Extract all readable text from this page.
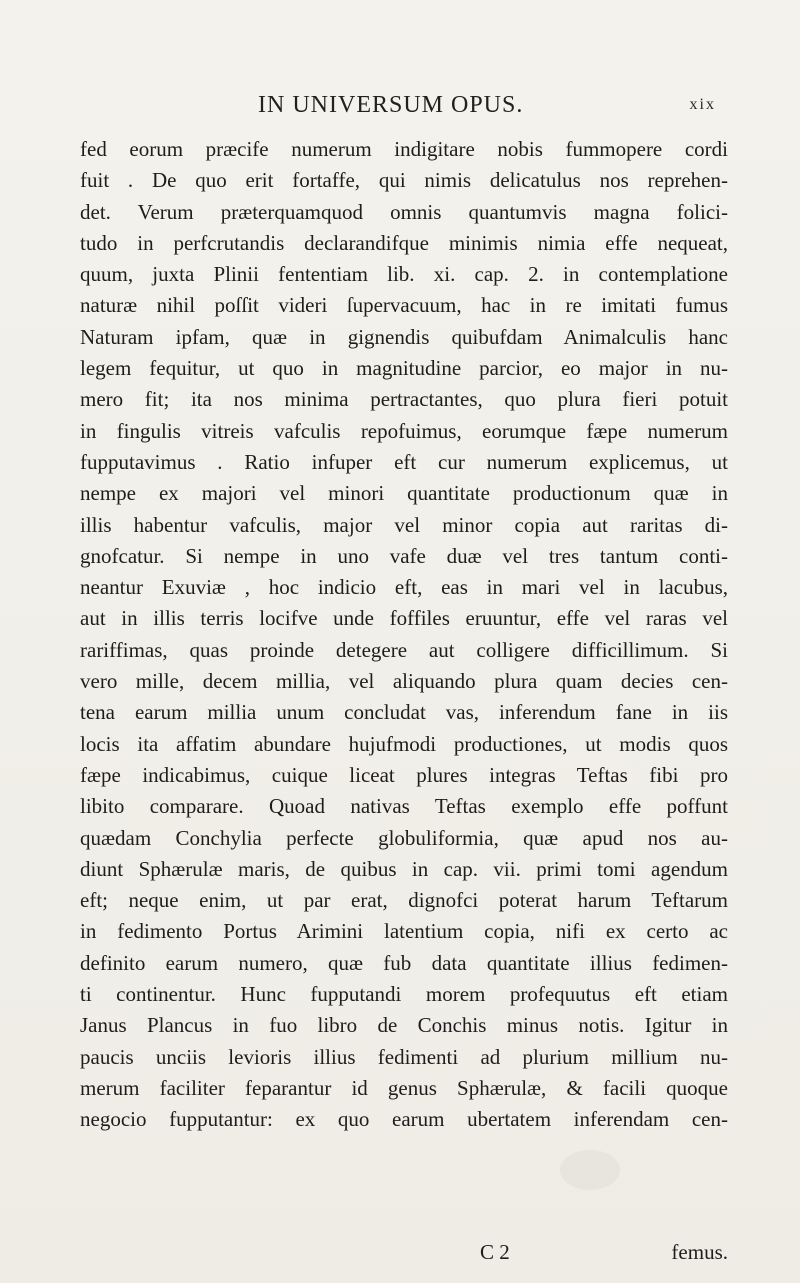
IN UNIVERSUM OPUS.	xix
fed eorum præcife numerum indigitare nobis fummopere cordi
fuit . De quo erit fortaffe, qui nimis delicatulus nos reprehen-
det. Verum præterquamquod omnis quantumvis magna folici-
tudo in perfcrutandis declarandifque minimis nimia effe nequeat,
quum, juxta Plinii fententiam lib. xi. cap. 2. in contemplatione
naturæ nihil poſſit videri ſupervacuum, hac in re imitati fumus
Naturam ipfam, quæ in gignendis quibufdam Animalculis hanc
legem fequitur, ut quo in magnitudine parcior, eo major in nu-
mero fit; ita nos minima pertractantes, quo plura fieri potuit
in fingulis vitreis vafculis repofuimus, eorumque fæpe numerum
fupputavimus . Ratio infuper eft cur numerum explicemus, ut
nempe ex majori vel minori quantitate productionum quæ in
illis habentur vafculis, major vel minor copia aut raritas di-
gnofcatur. Si nempe in uno vafe duæ vel tres tantum conti-
neantur Exuviæ , hoc indicio eft, eas in mari vel in lacubus,
aut in illis terris locifve unde foffiles eruuntur, effe vel raras vel
rariffimas, quas proinde detegere aut colligere difficillimum. Si
vero mille, decem millia, vel aliquando plura quam decies cen-
tena earum millia unum concludat vas, inferendum fane in iis
locis ita affatim abundare hujufmodi productiones, ut modis quos
fæpe indicabimus, cuique liceat plures integras Teftas fibi pro
libito comparare. Quoad nativas Teftas exemplo effe poffunt
quædam Conchylia perfecte globuliformia, quæ apud nos au-
diunt Sphærulæ maris, de quibus in cap. vii. primi tomi agendum
eft; neque enim, ut par erat, dignofci poterat harum Teftarum
in fedimento Portus Arimini latentium copia, nifi ex certo ac
definito earum numero, quæ fub data quantitate illius fedimen-
ti continentur. Hunc fupputandi morem profequutus eft etiam
Janus Plancus in fuo libro de Conchis minus notis. Igitur in
paucis unciis levioris illius fedimenti ad plurium millium nu-
merum faciliter feparantur id genus Sphærulæ, & facili quoque
negocio fupputantur: ex quo earum ubertatem inferendam cen-
C 2	femus.
